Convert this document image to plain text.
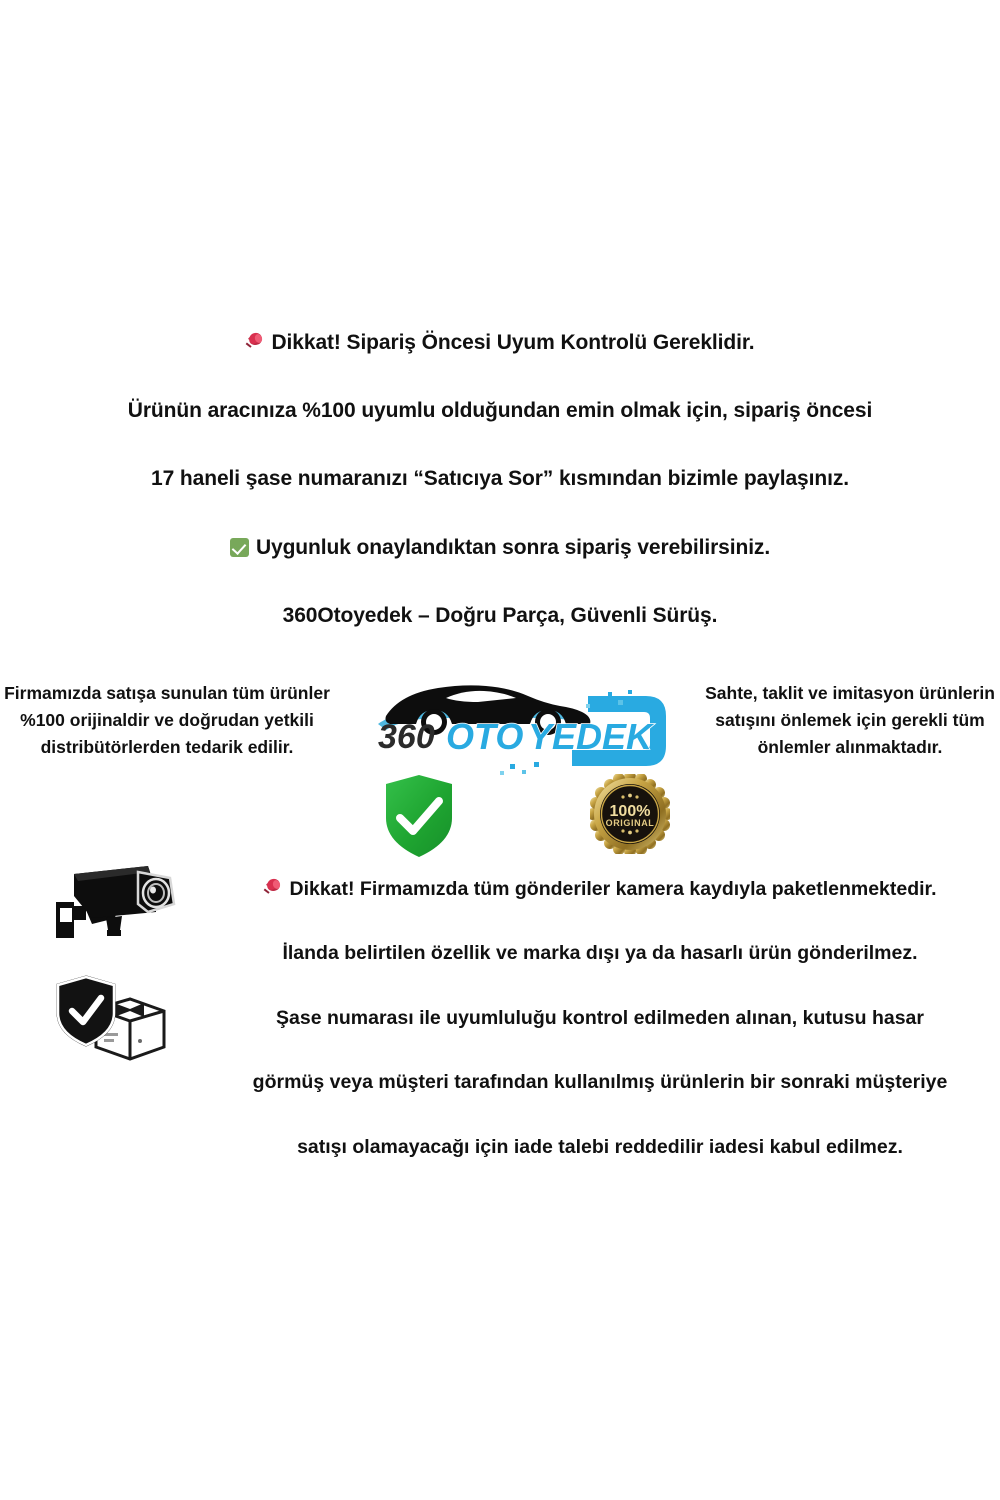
Dikkat! Sipariş Öncesi Uyum Kontrolü Gereklidir.
Ürünün aracınıza %100 uyumlu olduğundan emin olmak için, sipariş öncesi
17 haneli şase numaranızı “Satıcıya Sor” kısmından bizimle paylaşınız.
Uygunluk onaylandıktan sonra sipariş verebilirsiniz.
360Otoyedek – Doğru Parça, Güvenli Sürüş.
Firmamızda satışa sunulan tüm ürünler %100 orijinaldir ve doğrudan yetkili distribütörlerden tedarik edilir.	360 OTO YEDEK
100%
ORIGINAL
Sahte, taklit ve imitasyon ürünlerin satışını önlemek için gerekli tüm önlemler alınmaktadır.
Dikkat! Firmamızda tüm gönderiler kamera kaydıyla paketlenmektedir.
İlanda belirtilen özellik ve marka dışı ya da hasarlı ürün gönderilmez.
Şase numarası ile uyumluluğu kontrol edilmeden alınan, kutusu hasar
görmüş veya müşteri tarafından kullanılmış ürünlerin bir sonraki müşteriye
satışı olamayacağı için iade talebi reddedilir iadesi kabul edilmez.
